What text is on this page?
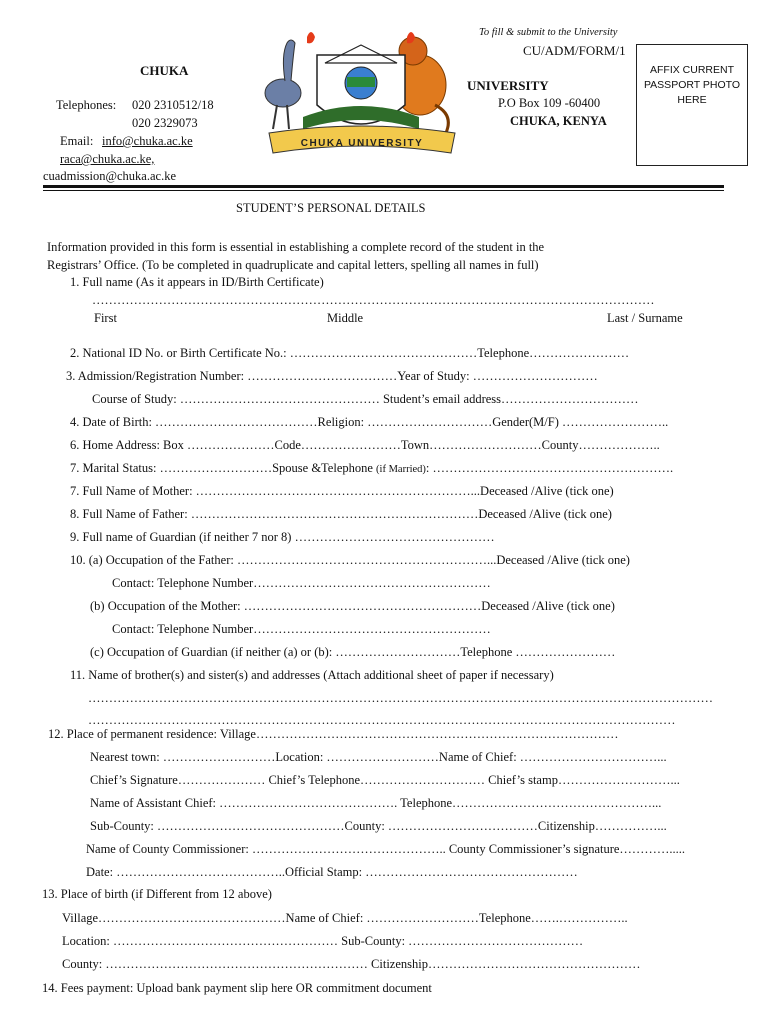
To fill & submit to the University
CU/ADM/FORM/1
CHUKA
UNIVERSITY
P.O Box 109 -60400
CHUKA, KENYA
Telephones: 020 2310512/18
020 2329073
Email: info@chuka.ac.ke
raca@chuka.ac.ke,
cuadmission@chuka.ac.ke
CHUKA UNIVERSITY
AFFIX CURRENT
PASSPORT PHOTO
HERE
STUDENT’S PERSONAL DETAILS
Information provided in this form is essential in establishing a complete record of the student in the
Registrars’ Office. (To be completed in quadruplicate and capital letters, spelling all names in full)
1. Full name (As it appears in ID/Birth Certificate)
………………………………………………………………………………………………………………………
First	Middle	Last / Surname
2. National ID No. or Birth Certificate No.: ………………………………………Telephone……………………
3. Admission/Registration Number: ………………………………Year of Study: …………………………
Course of Study: ………………………………………… Student’s email address……………………………
4. Date of Birth: …………………………………Religion: …………………………Gender(M/F) ……………………..
6. Home Address: Box …………………Code……………………Town………………………County………………..
7. Marital Status: ………………………Spouse &Telephone (if Married): ………………………………………………….
7. Full Name of Mother: …………………………………………………………...Deceased /Alive (tick one)
8. Full Name of Father: ……………………………………………………………Deceased /Alive (tick one)
9. Full name of Guardian (if neither 7 nor 8) …………………………………………
10. (a) Occupation of the Father: ……………………………………………………...Deceased /Alive (tick one)
Contact: Telephone Number…………………………………………………
(b) Occupation of the Mother: …………………………………………………Deceased /Alive (tick one)
Contact: Telephone Number…………………………………………………
(c) Occupation of Guardian (if neither (a) or (b): …………………………Telephone ……………………
11. Name of brother(s) and sister(s) and addresses (Attach additional sheet of paper if necessary)
……………………………………………………………………………………………………………………………………
……………………………………………………………………………………………………………………………
12. Place of permanent residence: Village……………………………………………………………………………
Nearest town: ………………………Location: ………………………Name of Chief: ……………………………...
Chief’s Signature………………… Chief’s Telephone………………………… Chief’s stamp………………………...
Name of Assistant Chief: ……………………………………. Telephone…………………………………………...
Sub-County: ………………………………………County: ………………………………Citizenship……………...
Name of County Commissioner: ……………………………………….. County Commissioner’s signature………….....
Date: …………………………………..Official Stamp: ……………………………………………
13. Place of birth (if Different from 12 above)
Village………………………………………Name of Chief: ………………………Telephone…….……………..
Location: ……………………………………………… Sub-County: ……………………………………
County: ……………………………………………………… Citizenship……………………………………………
14. Fees payment: Upload bank payment slip here OR commitment document
